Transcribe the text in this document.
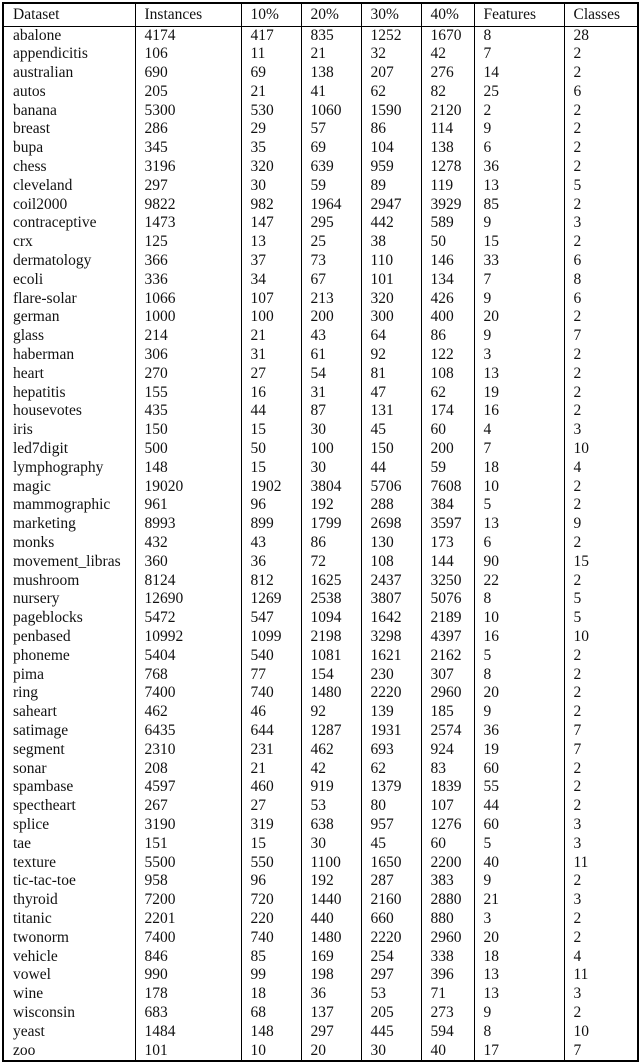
Dataset	Instances	10%	20%	30%	40%	Features	Classes
abalone	4174	417	835	1252	1670	8	28
appendicitis	106	11	21	32	42	7	2
australian	690	69	138	207	276	14	2
autos	205	21	41	62	82	25	6
banana	5300	530	1060	1590	2120	2	2
breast	286	29	57	86	114	9	2
bupa	345	35	69	104	138	6	2
chess	3196	320	639	959	1278	36	2
cleveland	297	30	59	89	119	13	5
coil2000	9822	982	1964	2947	3929	85	2
contraceptive	1473	147	295	442	589	9	3
crx	125	13	25	38	50	15	2
dermatology	366	37	73	110	146	33	6
ecoli	336	34	67	101	134	7	8
flare-solar	1066	107	213	320	426	9	6
german	1000	100	200	300	400	20	2
glass	214	21	43	64	86	9	7
haberman	306	31	61	92	122	3	2
heart	270	27	54	81	108	13	2
hepatitis	155	16	31	47	62	19	2
housevotes	435	44	87	131	174	16	2
iris	150	15	30	45	60	4	3
led7digit	500	50	100	150	200	7	10
lymphography	148	15	30	44	59	18	4
magic	19020	1902	3804	5706	7608	10	2
mammographic	961	96	192	288	384	5	2
marketing	8993	899	1799	2698	3597	13	9
monks	432	43	86	130	173	6	2
movement_libras	360	36	72	108	144	90	15
mushroom	8124	812	1625	2437	3250	22	2
nursery	12690	1269	2538	3807	5076	8	5
pageblocks	5472	547	1094	1642	2189	10	5
penbased	10992	1099	2198	3298	4397	16	10
phoneme	5404	540	1081	1621	2162	5	2
pima	768	77	154	230	307	8	2
ring	7400	740	1480	2220	2960	20	2
saheart	462	46	92	139	185	9	2
satimage	6435	644	1287	1931	2574	36	7
segment	2310	231	462	693	924	19	7
sonar	208	21	42	62	83	60	2
spambase	4597	460	919	1379	1839	55	2
spectheart	267	27	53	80	107	44	2
splice	3190	319	638	957	1276	60	3
tae	151	15	30	45	60	5	3
texture	5500	550	1100	1650	2200	40	11
tic-tac-toe	958	96	192	287	383	9	2
thyroid	7200	720	1440	2160	2880	21	3
titanic	2201	220	440	660	880	3	2
twonorm	7400	740	1480	2220	2960	20	2
vehicle	846	85	169	254	338	18	4
vowel	990	99	198	297	396	13	11
wine	178	18	36	53	71	13	3
wisconsin	683	68	137	205	273	9	2
yeast	1484	148	297	445	594	8	10
zoo	101	10	20	30	40	17	7
